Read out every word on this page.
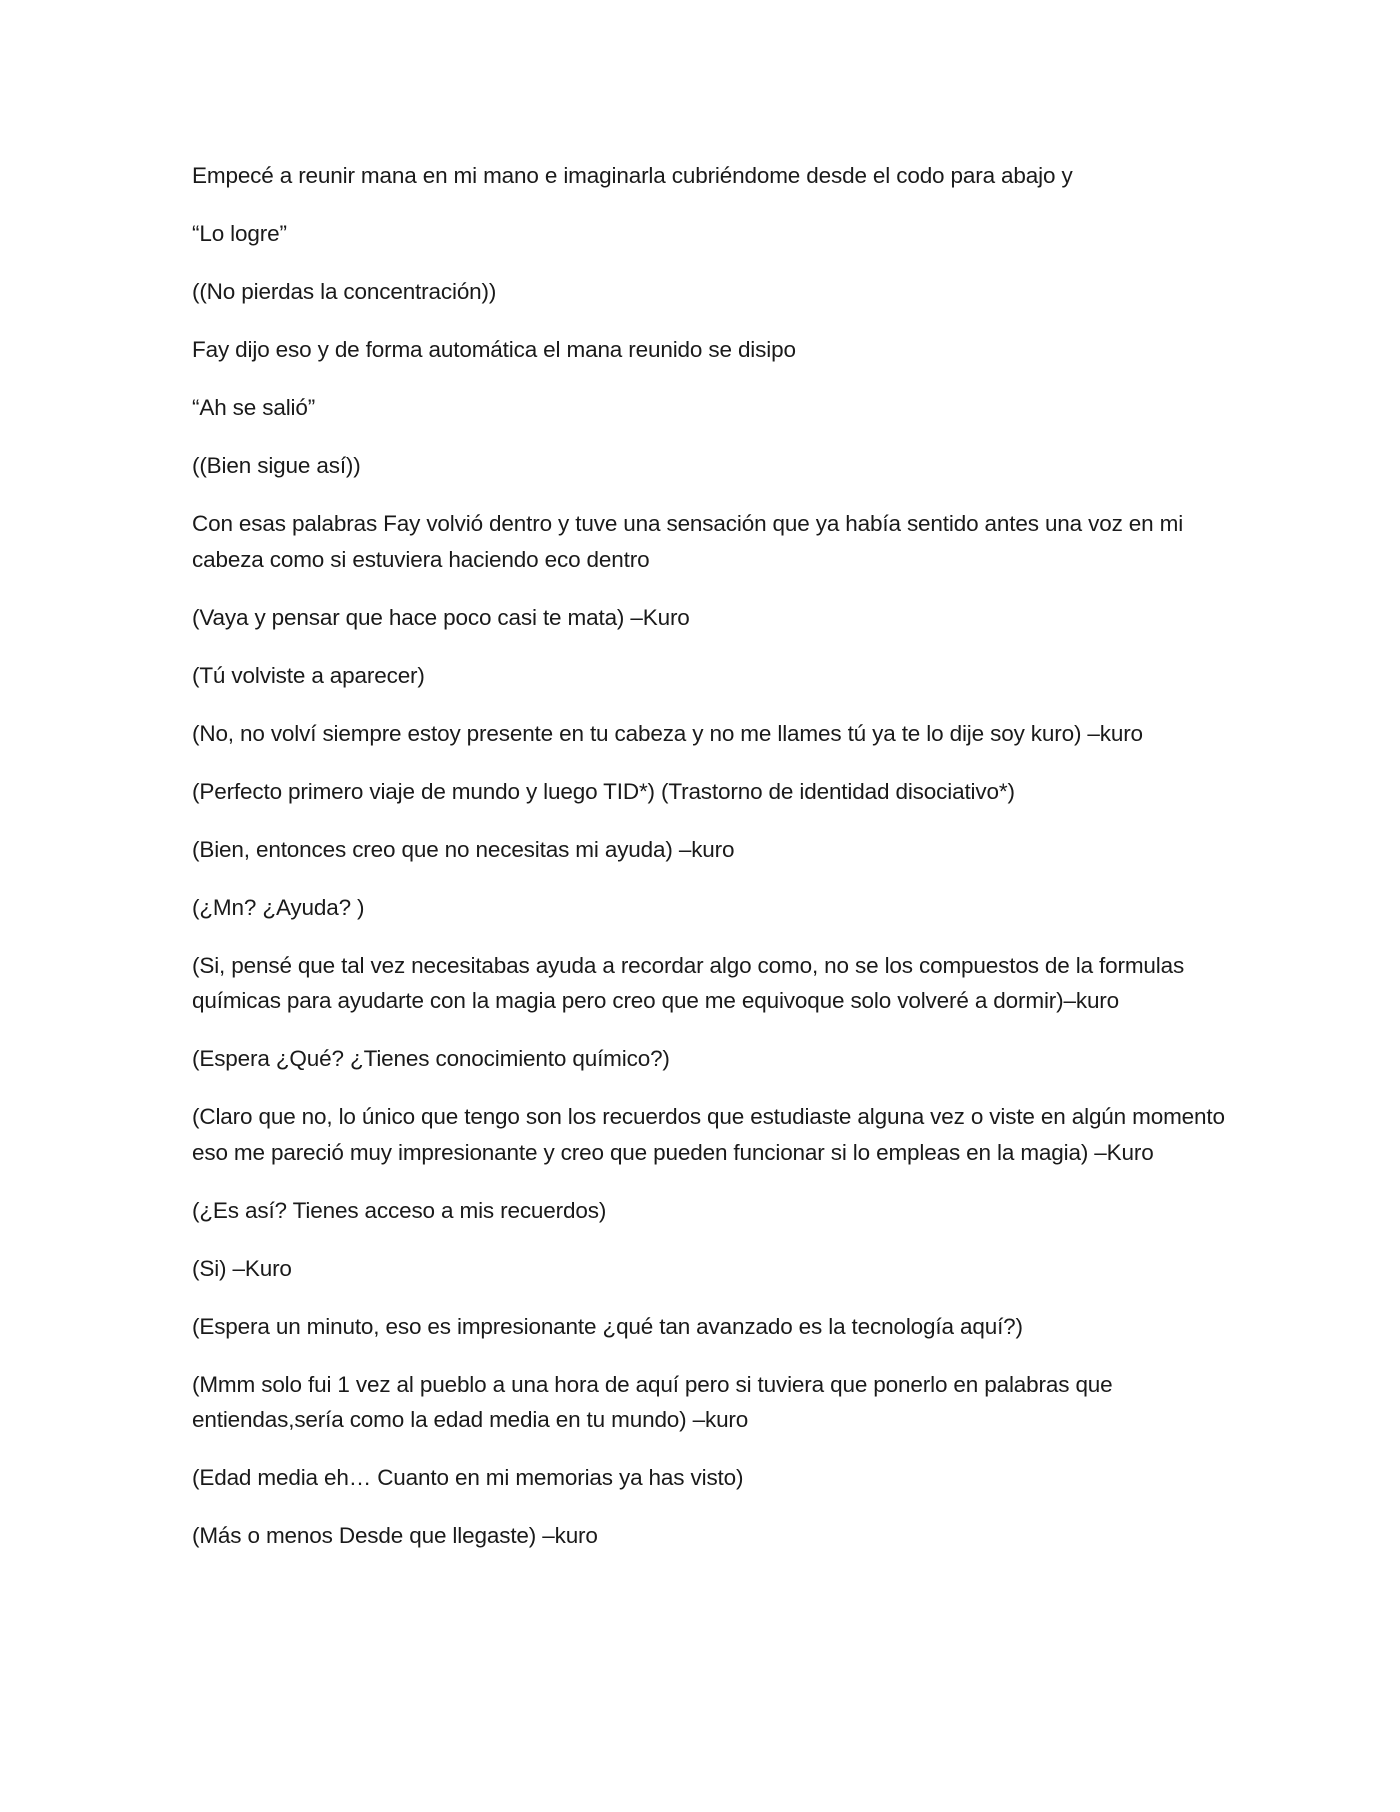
Empecé a reunir mana en mi mano e imaginarla cubriéndome desde el codo para abajo y

“Lo logre”

((No pierdas la concentración))

Fay dijo eso y de forma automática el mana reunido se disipo

“Ah se salió”

((Bien sigue así))

Con esas palabras Fay volvió dentro y tuve una sensación que ya había sentido antes una voz en mi cabeza como si estuviera haciendo eco dentro

(Vaya y pensar que hace poco casi te mata) –Kuro

(Tú volviste a aparecer)

(No, no volví siempre estoy presente en tu cabeza y no me llames tú ya te lo dije soy kuro) –kuro

(Perfecto primero viaje de mundo y luego TID*) (Trastorno de identidad disociativo*)

(Bien, entonces creo que no necesitas mi ayuda) –kuro

(¿Mn? ¿Ayuda? )

(Si, pensé que tal vez necesitabas ayuda a recordar algo como, no se los compuestos de la formulas químicas para ayudarte con la magia pero creo que me equivoque solo volveré a dormir)–kuro

(Espera ¿Qué? ¿Tienes conocimiento químico?)

(Claro que no, lo único que tengo son los recuerdos que estudiaste alguna vez o viste en algún momento eso me pareció muy impresionante y creo que pueden funcionar si lo empleas en la magia) –Kuro

(¿Es así? Tienes acceso a mis recuerdos)

(Si) –Kuro

(Espera un minuto, eso es impresionante ¿qué tan avanzado es la tecnología aquí?)

(Mmm solo fui 1 vez al pueblo a una hora de aquí pero si tuviera que ponerlo en palabras que entiendas,sería como la edad media en tu mundo) –kuro

(Edad media eh… Cuanto en mi memorias ya has visto)

(Más o menos Desde que llegaste) –kuro
